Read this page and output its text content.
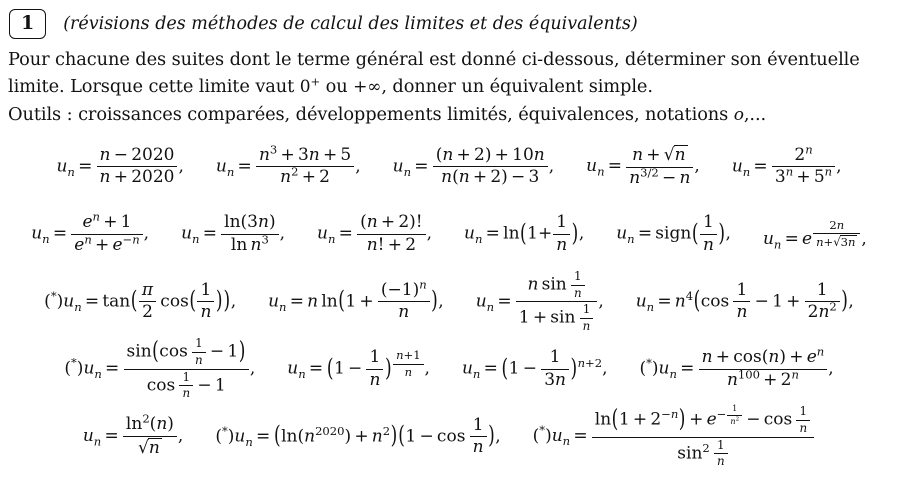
1	(révisions des méthodes de calcul des limites et des équivalents)
Pour chacune des suites dont le terme général est donné ci-dessous, déterminer son éventuelle
limite. Lorsque cette limite vaut 0+ ou +∞, donner un équivalent simple.
Outils : croissances comparées, développements limités, équivalences, notations o,...
$u_n = \frac{n - 2020}{n + 2020}$ , $u_n = \frac{n^3 + 3n + 5}{n^2 + 2}$ , $u_n = \frac{(n + 2) + 10n}{n(n + 2) - 3}$ , $u_n = \frac{n + √n}{n^{3/2} - n}$ , $u_n = \frac{2^n}{3^n + 5^n}$ ,
$u_n = \frac{e^n + 1}{e^n + e^{-n}}$ , $u_n = \frac{\ln(3n)}{\ln n^3}$ , $u_n = \frac{(n + 2)!}{n! + 2}$ , $u_n = \ln(1+ \frac{1}{n}$ ), $u_n$ = sign( $\frac{1}{n}$ ), $u_n = e$ $^{\frac{2n}{n+√3n}}$ ,
$(^*)u_n = \tan( \frac{\pi}{2} \cos( \frac{1}{n}$ )), $u_n = n$ $\ln(1 + \frac{(-1)^n}{n}$ ), $u_n = \frac{n \sin \frac{1}{n}}{1 + \sin \frac{1}{n}}$ , $u_n = n^4(\cos \frac{1}{n} - 1 + \frac{1}{2n^2}$ ),
$(^*)u_n = \frac{\sin(\cos \frac{1}{n} - 1)}{\cos \frac{1}{n} - 1}$ , $u_n = (1 - \frac{1}{n}$ ) $^{\frac{n+1}{n}}$ , $u_n = (1 - \frac{1}{3n} )^{n+2}$, $(^*)u_n = \frac{n + \cos(n) + e^n}{n^{100} + 2^n}$ ,
$u_n = \frac{\ln^2(n)}{√n}$ , $(^*)u_n = (\ln(n^{2020}) + n^2)(1 - \cos \frac{1}{n}$ ), $(^*)u_n = \ln(1 + 2^{-n}) + e^{- \frac{1}{n^2}} - \cos \frac{1}{n}$
$\sin^2 \frac{1}{n}$
